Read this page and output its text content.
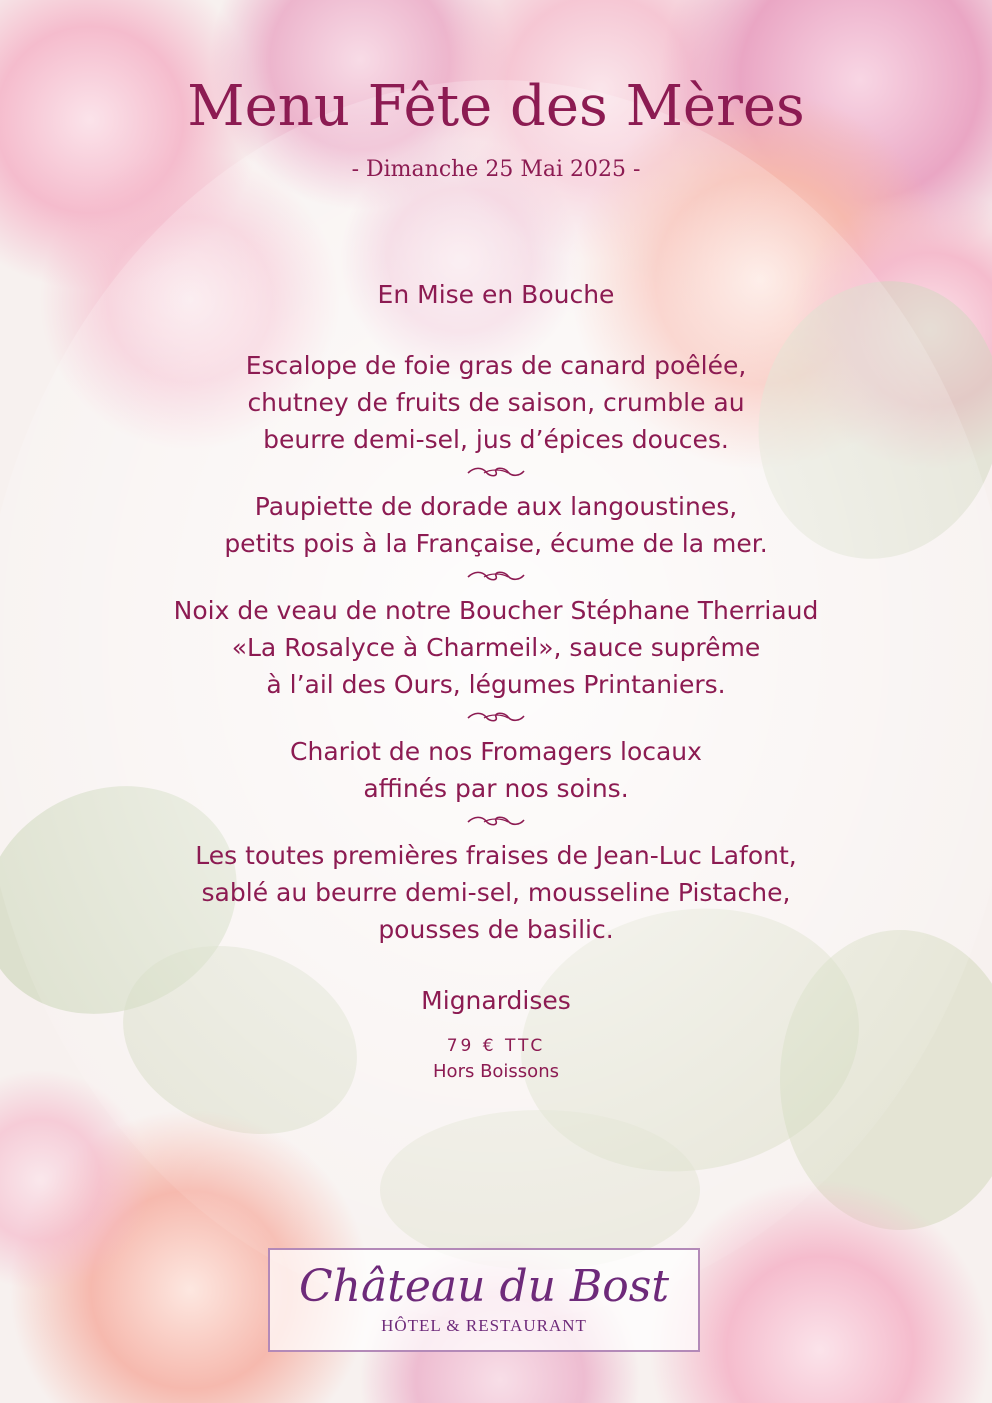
Menu Fête des Mères
- Dimanche 25 Mai 2025 -
En Mise en Bouche
Escalope de foie gras de canard poêlée,
chutney de fruits de saison, crumble au
beurre demi-sel, jus d’épices douces.
Paupiette de dorade aux langoustines,
petits pois à la Française, écume de la mer.
Noix de veau de notre Boucher Stéphane Therriaud
«La Rosalyce à Charmeil», sauce suprême
à l’ail des Ours, légumes Printaniers.
Chariot de nos Fromagers locaux
affinés par nos soins.
Les toutes premières fraises de Jean-Luc Lafont,
sablé au beurre demi-sel, mousseline Pistache,
pousses de basilic.
Mignardises
79 € TTC
Hors Boissons
Château du Bost
HÔTEL & RESTAURANT
